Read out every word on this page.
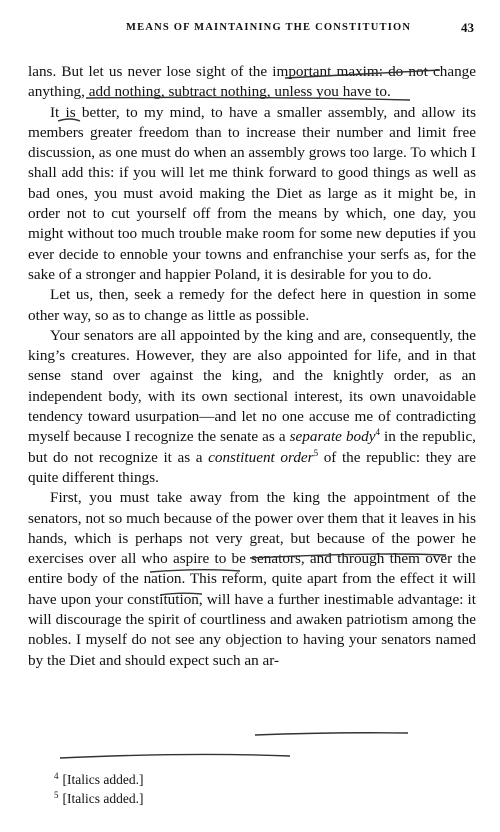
MEANS OF MAINTAINING THE CONSTITUTION	43

lans. But let us never lose sight of the important maxim: do not change anything, add nothing, subtract nothing, unless you have to.

It is better, to my mind, to have a smaller assembly, and allow its members greater freedom than to increase their number and limit free discussion, as one must do when an assembly grows too large. To which I shall add this: if you will let me think forward to good things as well as bad ones, you must avoid making the Diet as large as it might be, in order not to cut yourself off from the means by which, one day, you might without too much trouble make room for some new deputies if you ever decide to ennoble your towns and enfranchise your serfs as, for the sake of a stronger and happier Poland, it is desirable for you to do.

Let us, then, seek a remedy for the defect here in question in some other way, so as to change as little as possible.

Your senators are all appointed by the king and are, consequently, the king’s creatures. However, they are also appointed for life, and in that sense stand over against the king, and the knightly order, as an independent body, with its own sectional interest, its own unavoidable tendency toward usurpation—and let no one accuse me of contradicting myself because I recognize the senate as a separate body$^4$ in the republic, but do not recognize it as a constituent order$^5$ of the republic: they are quite different things.

First, you must take away from the king the appointment of the senators, not so much because of the power over them that it leaves in his hands, which is perhaps not very great, but because of the power he exercises over all who aspire to be senators, and through them over the entire body of the nation. This reform, quite apart from the effect it will have upon your constitution, will have a further inestimable advantage: it will discourage the spirit of courtliness and awaken patriotism among the nobles. I myself do not see any objection to having your senators named by the Diet and should expect such an ar-

$^4$ [Italics added.]
$^5$ [Italics added.]
